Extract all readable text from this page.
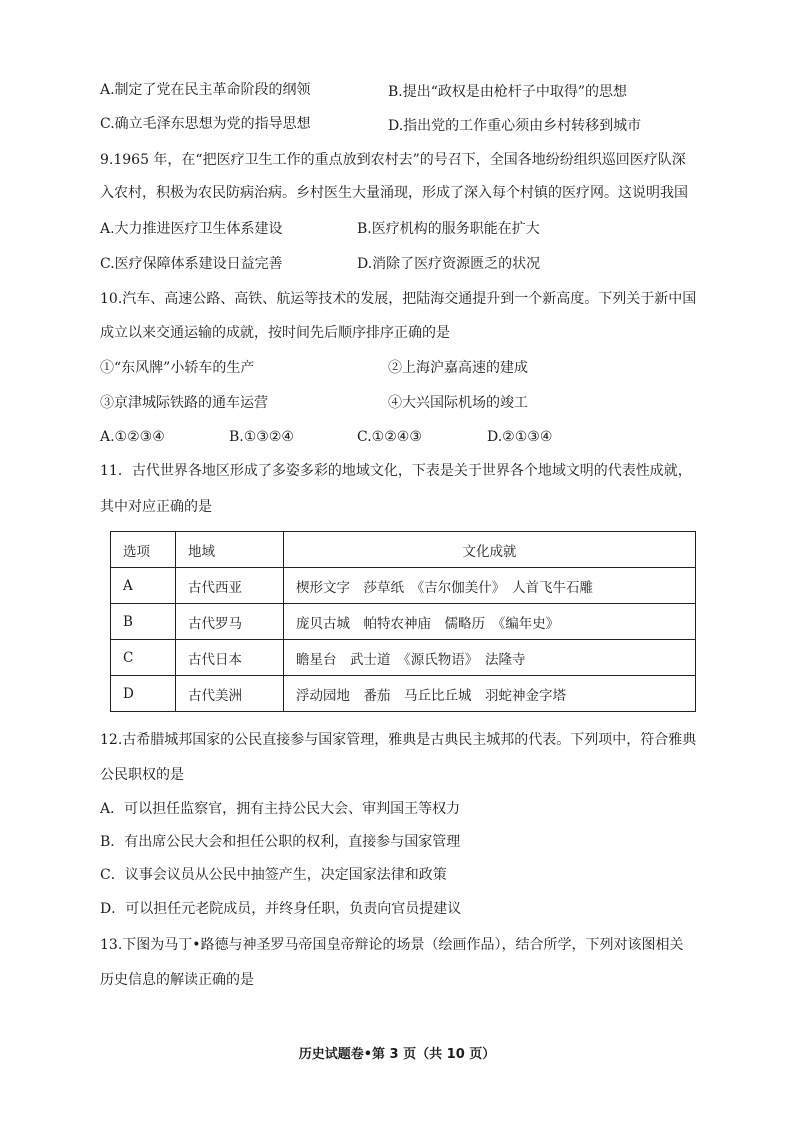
A.制定了党在民主革命阶段的纲领	B.提出“政权是由枪杆子中取得”的思想
C.确立毛泽东思想为党的指导思想	D.指出党的工作重心须由乡村转移到城市
9.1965 年，在“把医疗卫生工作的重点放到农村去”的号召下，全国各地纷纷组织巡回医疗队深
入农村，积极为农民防病治病。乡村医生大量涌现，形成了深入每个村镇的医疗网。这说明我国
A.大力推进医疗卫生体系建设	B.医疗机构的服务职能在扩大
C.医疗保障体系建设日益完善	D.消除了医疗资源匮乏的状况
10.汽车、高速公路、高铁、航运等技术的发展，把陆海交通提升到一个新高度。下列关于新中国
成立以来交通运输的成就，按时间先后顺序排序正确的是
①“东风牌”小轿车的生产	②上海沪嘉高速的建成
③京津城际铁路的通车运营	④大兴国际机场的竣工
A.①②③④	B.①③②④	C.①②④③	D.②①③④
11．古代世界各地区形成了多姿多彩的地域文化，下表是关于世界各个地域文明的代表性成就，
其中对应正确的是
选项	地域	文化成就
A	古代西亚	楔形文字　莎草纸　《吉尔伽美什》　人首飞牛石雕
B	古代罗马	庞贝古城　帕特农神庙　儒略历　《编年史》
C	古代日本	瞻星台　武士道　《源氏物语》　法隆寺
D	古代美洲	浮动园地　番茄　马丘比丘城　羽蛇神金字塔
12.古希腊城邦国家的公民直接参与国家管理，雅典是古典民主城邦的代表。下列项中，符合雅典
公民职权的是
A．可以担任监察官，拥有主持公民大会、审判国王等权力
B．有出席公民大会和担任公职的权利，直接参与国家管理
C．议事会议员从公民中抽签产生，决定国家法律和政策
D．可以担任元老院成员，并终身任职，负责向官员提建议
13.下图为马丁•路德与神圣罗马帝国皇帝辩论的场景（绘画作品），结合所学，下列对该图相关
历史信息的解读正确的是
历史试题卷•第 3 页（共 10 页）
